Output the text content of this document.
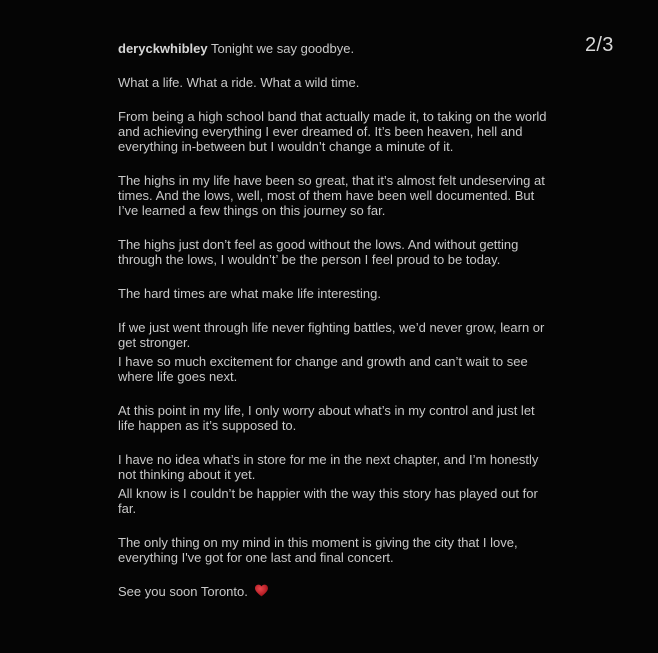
2/3

deryckwhibley Tonight we say goodbye.

What a life. What a ride. What a wild time.

From being a high school band that actually made it, to taking on the world and achieving everything I ever dreamed of. It’s been heaven, hell and everything in-between but I wouldn’t change a minute of it.

The highs in my life have been so great, that it’s almost felt undeserving at times. And the lows, well, most of them have been well documented. But I’ve learned a few things on this journey so far.

The highs just don’t feel as good without the lows. And without getting through the lows, I wouldn’t’ be the person I feel proud to be today.

The hard times are what make life interesting.

If we just went through life never fighting battles, we’d never grow, learn or get stronger.

I have so much excitement for change and growth and can’t wait to see where life goes next.

At this point in my life, I only worry about what’s in my control and just let life happen as it’s supposed to.

I have no idea what’s in store for me in the next chapter, and I’m honestly not thinking about it yet.

All know is I couldn’t be happier with the way this story has played out for far.

The only thing on my mind in this moment is giving the city that I love, everything I've got for one last and final concert.

See you soon Toronto.
